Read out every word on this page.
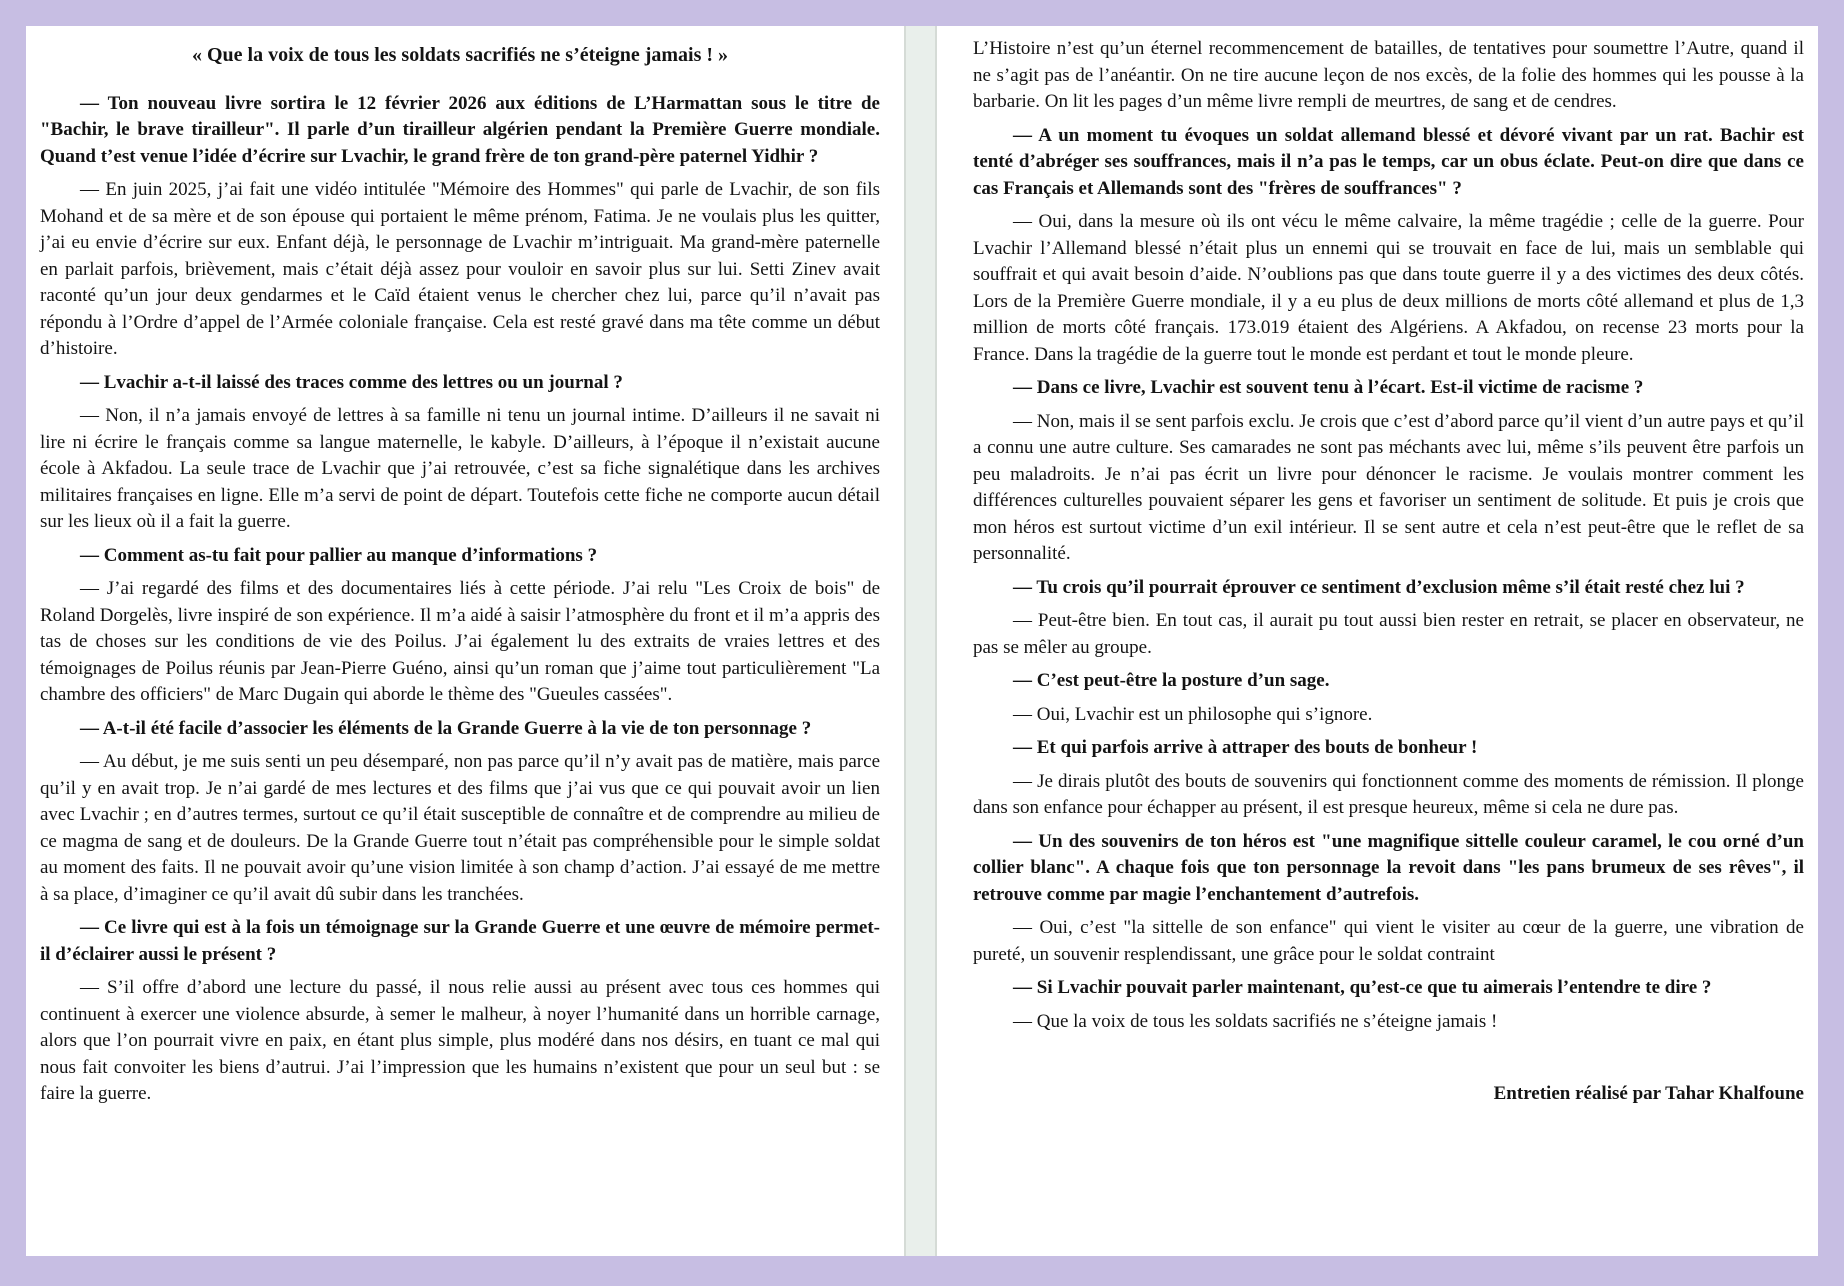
« Que la voix de tous les soldats sacrifiés ne s’éteigne jamais ! »

— Ton nouveau livre sortira le 12 février 2026 aux éditions de L’Harmattan sous le titre de "Bachir, le brave tirailleur". Il parle d’un tirailleur algérien pendant la Première Guerre mondiale. Quand t’est venue l’idée d’écrire sur Lvachir, le grand frère de ton grand-père paternel Yidhir ?

— En juin 2025, j’ai fait une vidéo intitulée "Mémoire des Hommes" qui parle de Lvachir, de son fils Mohand et de sa mère et de son épouse qui portaient le même prénom, Fatima. Je ne voulais plus les quitter, j’ai eu envie d’écrire sur eux. Enfant déjà, le personnage de Lvachir m’intriguait. Ma grand-mère paternelle en parlait parfois, brièvement, mais c’était déjà assez pour vouloir en savoir plus sur lui. Setti Zinev avait raconté qu’un jour deux gendarmes et le Caïd étaient venus le chercher chez lui, parce qu’il n’avait pas répondu à l’Ordre d’appel de l’Armée coloniale française. Cela est resté gravé dans ma tête comme un début d’histoire.

— Lvachir a-t-il laissé des traces comme des lettres ou un journal ?

— Non, il n’a jamais envoyé de lettres à sa famille ni tenu un journal intime. D’ailleurs il ne savait ni lire ni écrire le français comme sa langue maternelle, le kabyle. D’ailleurs, à l’époque il n’existait aucune école à Akfadou. La seule trace de Lvachir que j’ai retrouvée, c’est sa fiche signalétique dans les archives militaires françaises en ligne. Elle m’a servi de point de départ. Toutefois cette fiche ne comporte aucun détail sur les lieux où il a fait la guerre.

— Comment as-tu fait pour pallier au manque d’informations ?

— J’ai regardé des films et des documentaires liés à cette période. J’ai relu "Les Croix de bois" de Roland Dorgelès, livre inspiré de son expérience. Il m’a aidé à saisir l’atmosphère du front et il m’a appris des tas de choses sur les conditions de vie des Poilus. J’ai également lu des extraits de vraies lettres et des témoignages de Poilus réunis par Jean-Pierre Guéno, ainsi qu’un roman que j’aime tout particulièrement "La chambre des officiers" de Marc Dugain qui aborde le thème des "Gueules cassées".

— A-t-il été facile d’associer les éléments de la Grande Guerre à la vie de ton personnage ?

— Au début, je me suis senti un peu désemparé, non pas parce qu’il n’y avait pas de matière, mais parce qu’il y en avait trop. Je n’ai gardé de mes lectures et des films que j’ai vus que ce qui pouvait avoir un lien avec Lvachir ; en d’autres termes, surtout ce qu’il était susceptible de connaître et de comprendre au milieu de ce magma de sang et de douleurs. De la Grande Guerre tout n’était pas compréhensible pour le simple soldat au moment des faits. Il ne pouvait avoir qu’une vision limitée à son champ d’action. J’ai essayé de me mettre à sa place, d’imaginer ce qu’il avait dû subir dans les tranchées.

— Ce livre qui est à la fois un témoignage sur la Grande Guerre et une œuvre de mémoire permet-il d’éclairer aussi le présent ?

— S’il offre d’abord une lecture du passé, il nous relie aussi au présent avec tous ces hommes qui continuent à exercer une violence absurde, à semer le malheur, à noyer l’humanité dans un horrible carnage, alors que l’on pourrait vivre en paix, en étant plus simple, plus modéré dans nos désirs, en tuant ce mal qui nous fait convoiter les biens d’autrui. J’ai l’impression que les humains n’existent que pour un seul but : se faire la guerre.

L’Histoire n’est qu’un éternel recommencement de batailles, de tentatives pour soumettre l’Autre, quand il ne s’agit pas de l’anéantir. On ne tire aucune leçon de nos excès, de la folie des hommes qui les pousse à la barbarie. On lit les pages d’un même livre rempli de meurtres, de sang et de cendres.

— A un moment tu évoques un soldat allemand blessé et dévoré vivant par un rat. Bachir est tenté d’abréger ses souffrances, mais il n’a pas le temps, car un obus éclate. Peut-on dire que dans ce cas Français et Allemands sont des "frères de souffrances" ?

— Oui, dans la mesure où ils ont vécu le même calvaire, la même tragédie ; celle de la guerre. Pour Lvachir l’Allemand blessé n’était plus un ennemi qui se trouvait en face de lui, mais un semblable qui souffrait et qui avait besoin d’aide. N’oublions pas que dans toute guerre il y a des victimes des deux côtés. Lors de la Première Guerre mondiale, il y a eu plus de deux millions de morts côté allemand et plus de 1,3 million de morts côté français. 173.019 étaient des Algériens. A Akfadou, on recense 23 morts pour la France. Dans la tragédie de la guerre tout le monde est perdant et tout le monde pleure.

— Dans ce livre, Lvachir est souvent tenu à l’écart. Est-il victime de racisme ?

— Non, mais il se sent parfois exclu. Je crois que c’est d’abord parce qu’il vient d’un autre pays et qu’il a connu une autre culture. Ses camarades ne sont pas méchants avec lui, même s’ils peuvent être parfois un peu maladroits. Je n’ai pas écrit un livre pour dénoncer le racisme. Je voulais montrer comment les différences culturelles pouvaient séparer les gens et favoriser un sentiment de solitude. Et puis je crois que mon héros est surtout victime d’un exil intérieur. Il se sent autre et cela n’est peut-être que le reflet de sa personnalité.

— Tu crois qu’il pourrait éprouver ce sentiment d’exclusion même s’il était resté chez lui ?

— Peut-être bien. En tout cas, il aurait pu tout aussi bien rester en retrait, se placer en observateur, ne pas se mêler au groupe.

— C’est peut-être la posture d’un sage.

— Oui, Lvachir est un philosophe qui s’ignore.

— Et qui parfois arrive à attraper des bouts de bonheur !

— Je dirais plutôt des bouts de souvenirs qui fonctionnent comme des moments de rémission. Il plonge dans son enfance pour échapper au présent, il est presque heureux, même si cela ne dure pas.

— Un des souvenirs de ton héros est "une magnifique sittelle couleur caramel, le cou orné d’un collier blanc". A chaque fois que ton personnage la revoit dans "les pans brumeux de ses rêves", il retrouve comme par magie l’enchantement d’autrefois.

— Oui, c’est "la sittelle de son enfance" qui vient le visiter au cœur de la guerre, une vibration de pureté, un souvenir resplendissant, une grâce pour le soldat contraint

— Si Lvachir pouvait parler maintenant, qu’est-ce que tu aimerais l’entendre te dire ?

— Que la voix de tous les soldats sacrifiés ne s’éteigne jamais !

Entretien réalisé par Tahar Khalfoune
